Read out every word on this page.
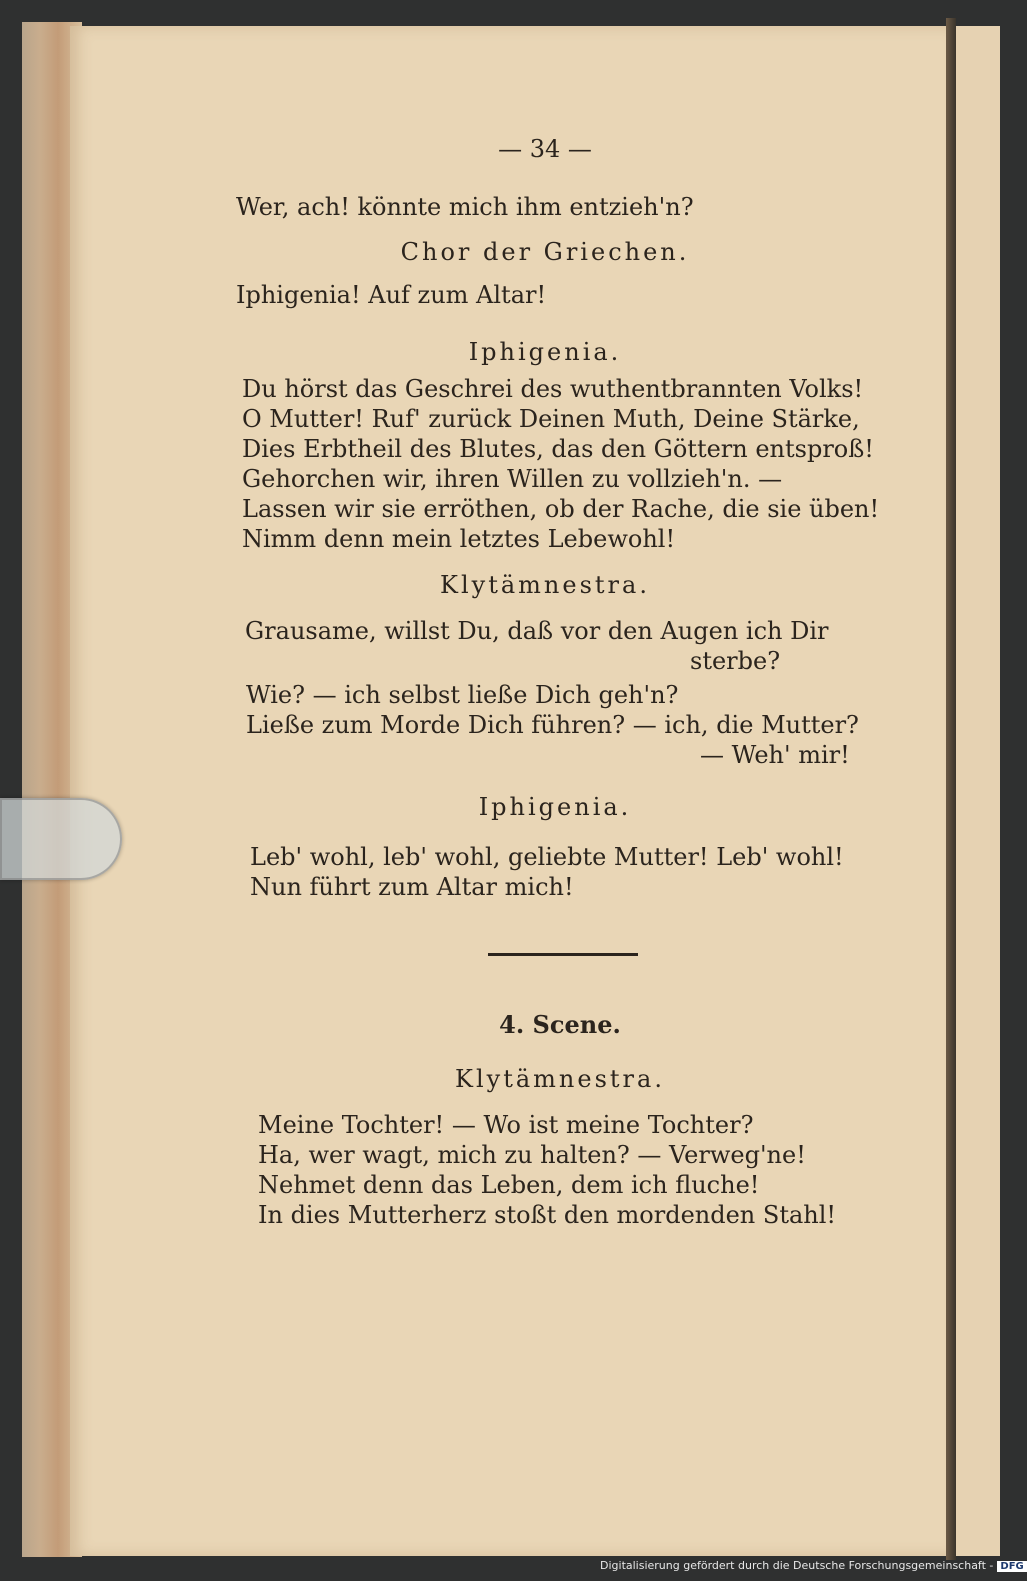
— 34 —
Wer, ach! könnte mich ihm entzieh'n?
Chor der Griechen.
Iphigenia! Auf zum Altar!
Iphigenia.
Du hörst das Geschrei des wuthentbrannten Volks!
O Mutter! Ruf' zurück Deinen Muth, Deine Stärke,
Dies Erbtheil des Blutes, das den Göttern entsproß!
Gehorchen wir, ihren Willen zu vollzieh'n. —
Lassen wir sie erröthen, ob der Rache, die sie üben!
Nimm denn mein letztes Lebewohl!
Klytämnestra.
Grausame, willst Du, daß vor den Augen ich Dir
sterbe?
Wie? — ich selbst ließe Dich geh'n?
Ließe zum Morde Dich führen? — ich, die Mutter?
— Weh' mir!
Iphigenia.
Leb' wohl, leb' wohl, geliebte Mutter! Leb' wohl!
Nun führt zum Altar mich!
4. Scene.
Klytämnestra.
Meine Tochter! — Wo ist meine Tochter?
Ha, wer wagt, mich zu halten? — Verweg'ne!
Nehmet denn das Leben, dem ich fluche!
In dies Mutterherz stoßt den mordenden Stahl!
Digitalisierung gefördert durch die Deutsche Forschungsgemeinschaft - DFG
